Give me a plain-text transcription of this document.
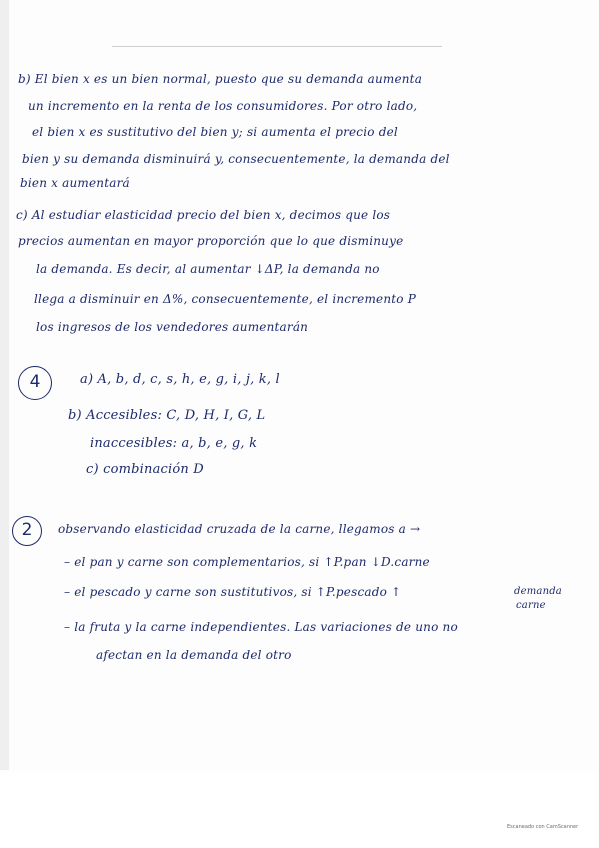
b) El bien x es un bien normal, puesto que su demanda aumenta
un incremento en la renta de los consumidores. Por otro lado,
el bien x es sustitutivo del bien y; si aumenta el precio del
bien y su demanda disminuirá y, consecuentemente, la demanda del
bien x aumentará
c) Al estudiar elasticidad precio del bien x, decimos que los
precios aumentan en mayor proporción que lo que disminuye
la demanda. Es decir, al aumentar ↓ΔP, la demanda no
llega a disminuir en Δ%, consecuentemente, el incremento P
los ingresos de los vendedores aumentarán
4	a) A, b, d, c, s, h, e, g, i, j, k, l
b) Accesibles: C, D, H, I, G, L
inaccesibles: a, b, e, g, k
c) combinación D
2	observando elasticidad cruzada de la carne, llegamos a →
– el pan y carne son complementarios, si ↑P.pan ↓D.carne
– el pescado y carne son sustitutivos, si ↑P.pescado ↑	demanda
carne
– la fruta y la carne independientes. Las variaciones de uno no
afectan en la demanda del otro
Escaneado con CamScanner
